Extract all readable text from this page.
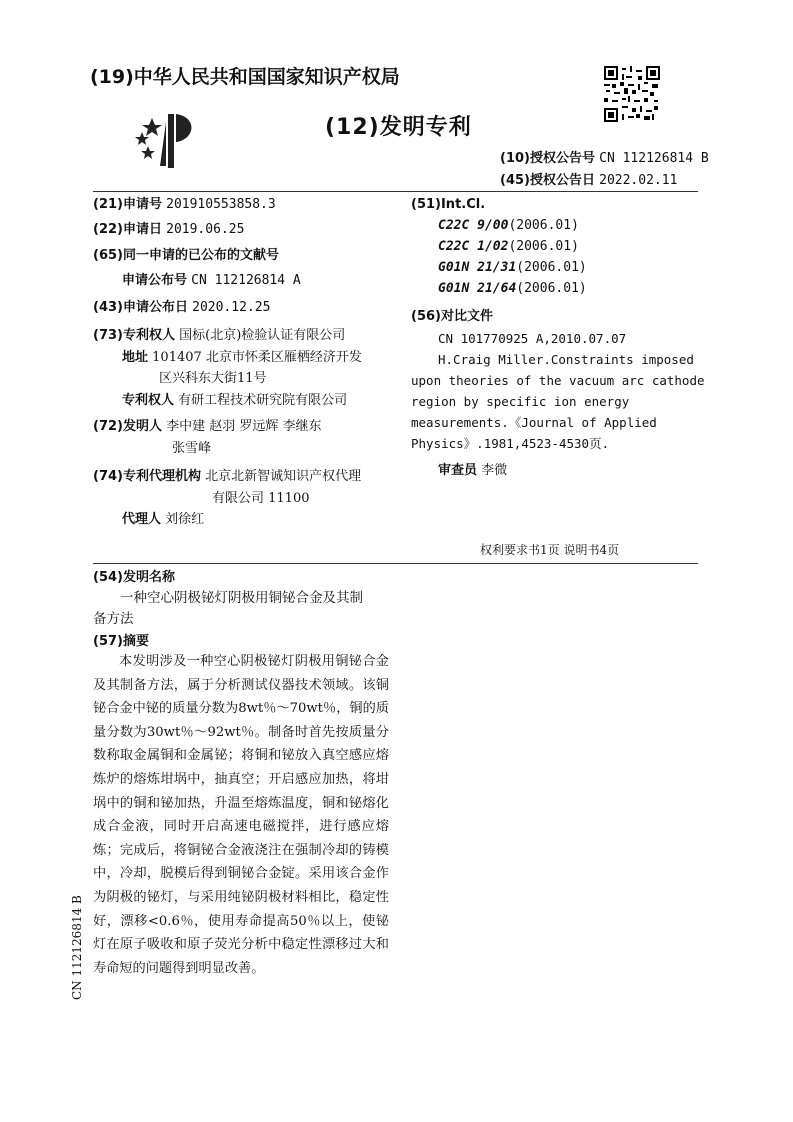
(19)中华人民共和国国家知识产权局
(12)发明专利
(10)授权公告号 CN 112126814 B
(45)授权公告日 2022.02.11
(21)申请号 201910553858.3
(22)申请日 2019.06.25
(65)同一申请的已公布的文献号
申请公布号 CN 112126814 A
(43)申请公布日 2020.12.25
(73)专利权人 国标(北京)检验认证有限公司
地址 101407 北京市怀柔区雁栖经济开发
区兴科东大街11号
专利权人 有研工程技术研究院有限公司
(72)发明人 李中建 赵羽 罗远辉 李继东
张雪峰
(74)专利代理机构 北京北新智诚知识产权代理
有限公司 11100
代理人 刘徐红
(51)Int.Cl.
C22C 9/00(2006.01)
C22C 1/02(2006.01)
G01N 21/31(2006.01)
G01N 21/64(2006.01)
(56)对比文件
CN 101770925 A,2010.07.07
H.Craig Miller.Constraints imposed
upon theories of the vacuum arc cathode
region by specific ion energy
measurements.《Journal of Applied
Physics》.1981,4523-4530页.
审查员 李微
权利要求书1页 说明书4页
(54)发明名称
一种空心阴极铋灯阴极用铜铋合金及其制
备方法
(57)摘要
本发明涉及一种空心阴极铋灯阴极用铜铋合金及其制备方法，属于分析测试仪器技术领域。该铜铋合金中铋的质量分数为8wt％～70wt％，铜的质量分数为30wt％～92wt％。制备时首先按质量分数称取金属铜和金属铋；将铜和铋放入真空感应熔炼炉的熔炼坩埚中，抽真空；开启感应加热，将坩埚中的铜和铋加热，升温至熔炼温度，铜和铋熔化成合金液，同时开启高速电磁搅拌，进行感应熔炼；完成后，将铜铋合金液浇注在强制冷却的铸模中，冷却，脱模后得到铜铋合金锭。采用该合金作为阴极的铋灯，与采用纯铋阴极材料相比，稳定性好，漂移<0.6％，使用寿命提高50％以上，使铋灯在原子吸收和原子荧光分析中稳定性漂移过大和寿命短的问题得到明显改善。
CN 112126814 B
